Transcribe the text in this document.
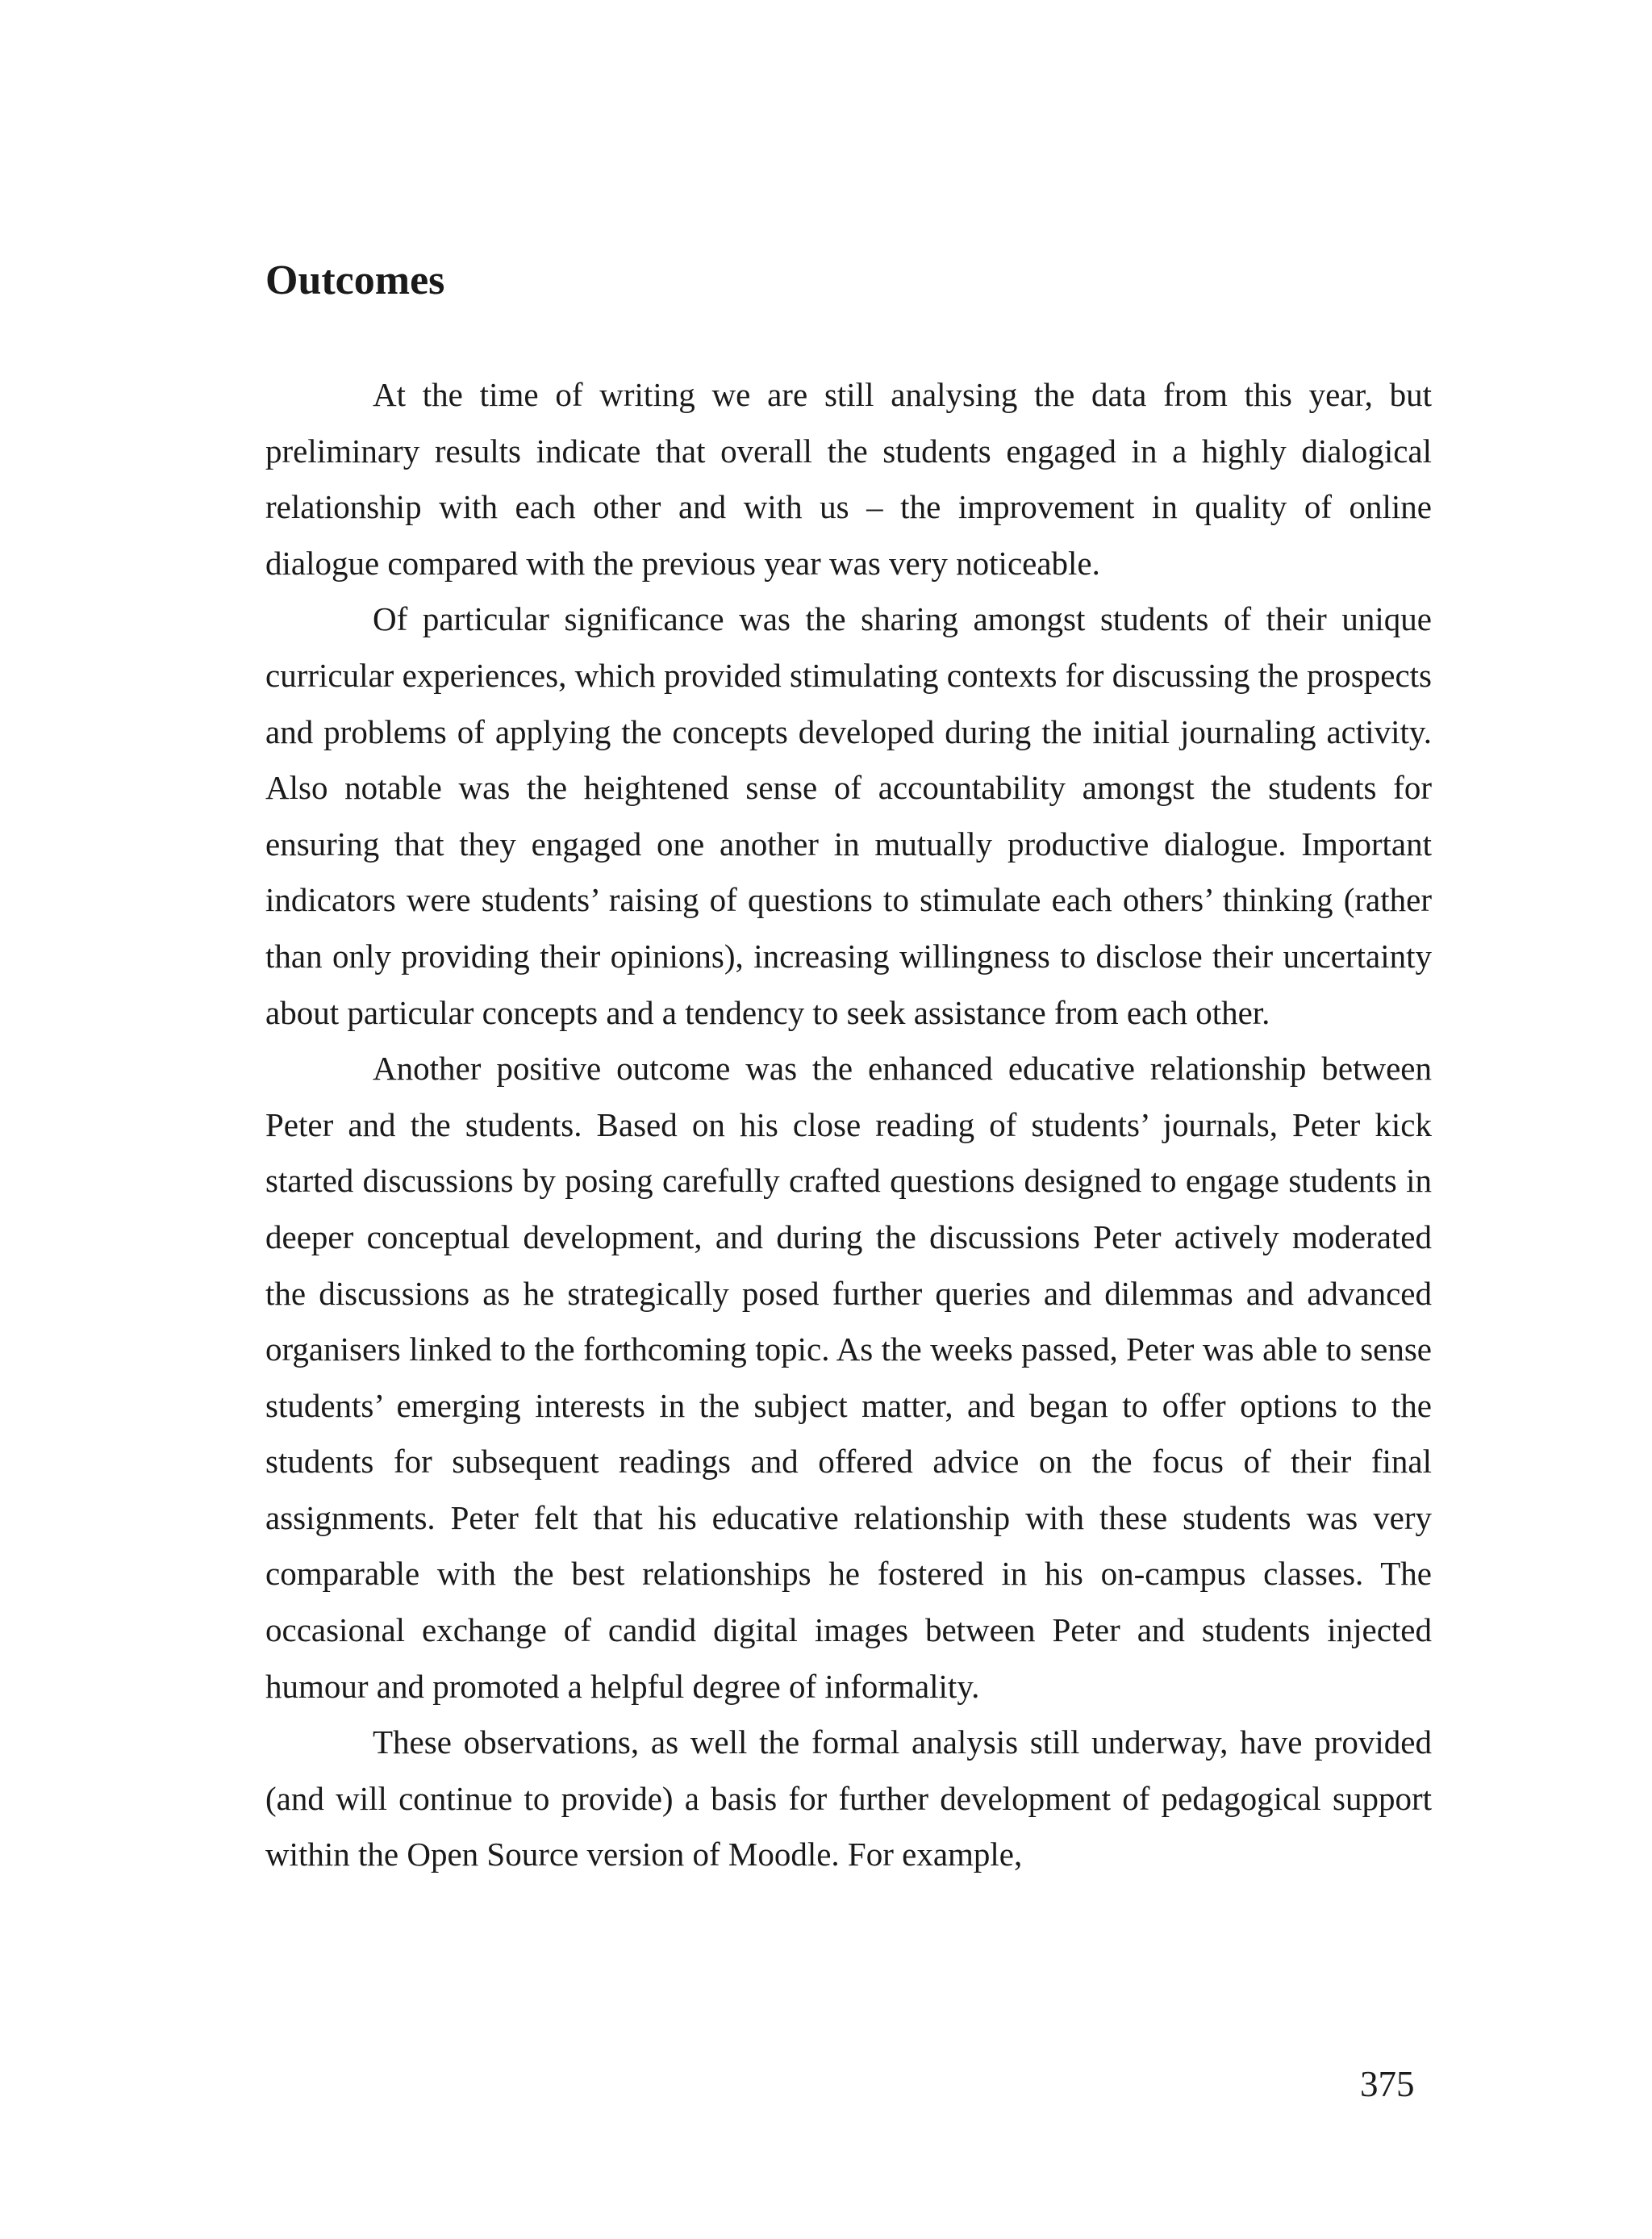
Outcomes

At the time of writing we are still analysing the data from this year, but preliminary results indicate that overall the students engaged in a highly dialogical relationship with each other and with us – the improvement in quality of online dialogue compared with the previous year was very noticeable.

Of particular significance was the sharing amongst students of their unique curricular experiences, which provided stimulating contexts for discussing the prospects and problems of applying the concepts developed during the initial journaling activity. Also notable was the heightened sense of accountability amongst the students for ensuring that they engaged one another in mutually productive dialogue. Important indicators were students’ raising of questions to stimulate each others’ thinking (rather than only providing their opinions), increasing willingness to disclose their uncertainty about particular concepts and a tendency to seek assistance from each other.

Another positive outcome was the enhanced educative relationship between Peter and the students. Based on his close reading of students’ journals, Peter kick started discussions by posing carefully crafted questions designed to engage students in deeper conceptual development, and during the discussions Peter actively moderated the discussions as he strategically posed further queries and dilemmas and advanced organisers linked to the forthcoming topic. As the weeks passed, Peter was able to sense students’ emerging interests in the subject matter, and began to offer options to the students for subsequent readings and offered advice on the focus of their final assignments. Peter felt that his educative relationship with these students was very comparable with the best relationships he fostered in his on-campus classes. The occasional exchange of candid digital images between Peter and students injected humour and promoted a helpful degree of informality.

These observations, as well the formal analysis still underway, have provided (and will continue to provide) a basis for further development of pedagogical support within the Open Source version of Moodle. For example,

375
